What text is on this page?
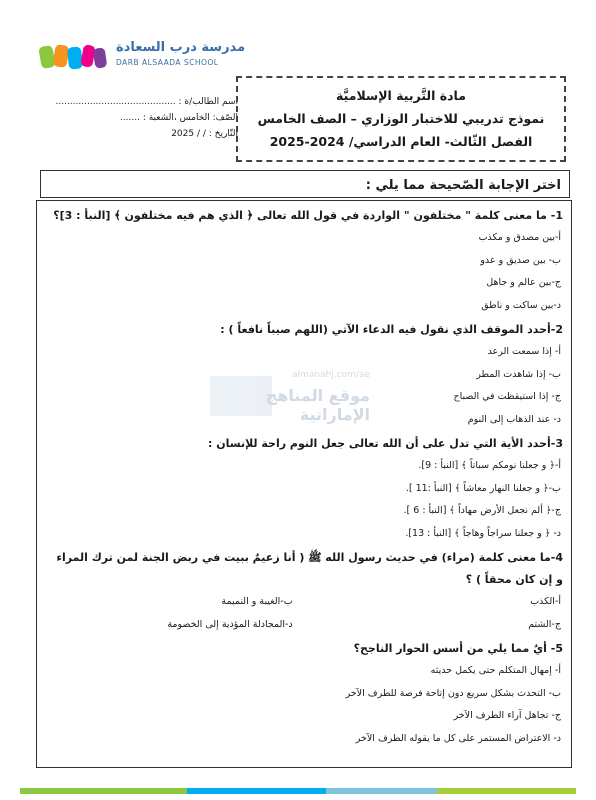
مدرسة درب السعادة
DARB ALSAADA SCHOOL
اسم الطالب/ة : ..........................................
الصّف: الخامس ،الشعبة : .......
التّاريخ : / / 2025
مادة التَّربية الإسلاميَّة
نموذج تدريبي للاختبار الوزاري – الصف الخامس
الفصل الثّالث- العام الدراسي/ 2024-2025
اختر الإجابة الصّحيحة مما يلي :
almanahj.com/ae
موقع المناهج الإماراتية
1- ما معنى كلمة " مختلفون " الواردة في قول الله تعالى ﴿ الذي هم فيه مختلفون ﴾ [النبأ : 3]؟
أ-بين مصدق و مكذب
ب- بين صديق و عدو
ج-بين عالم و جاهل
د-بين ساكت و ناطق
2-أحدد الموقف الذي نقول فيه الدعاء الآتي (اللهم صيباً نافعاً ) :
أ- إذا سمعت الرعد
ب- إذا شاهدت المطر
ج- إذا استيقظت في الصباح
د- عند الذهاب إلى النوم
3-أحدد الأية التي تدل على أن الله تعالى جعل النوم راحة للإنسان :
أ-﴿ و جعلنا نومكم سباتاً ﴾ [النبأ : 9].
ب-﴿ و جعلنا النهار معاشاً ﴾ [النبأ :11 ].
ج-﴿ ألم نجعل الأرض مهاداً ﴾ [النبأ : 6 ].
د- ﴿ و جعلنا سراجاً وهاجاً ﴾ [النبأ : 13].
4-ما معنى كلمة (مراء) في حديث رسول الله ﷺ ( أنا زعيمٌ ببيت في ربض الجنة لمن ترك المراء و إن كان محقاً ) ؟
أ-الكذب
ب-الغيبة و النميمة
ج-الشتم
د-المجادلة المؤدية إلى الخصومة
5- أيٌ مما يلي من أسس الحوار الناجح؟
أ- إمهال المتكلم حتى يكمل حديثه
ب- التحدث بشكل سريع دون إتاحة فرصة للطرف الآخر
ج- تجاهل آراء الطرف الآخر
د- الاعتراض المستمر على كل ما يقوله الطرف الآخر
